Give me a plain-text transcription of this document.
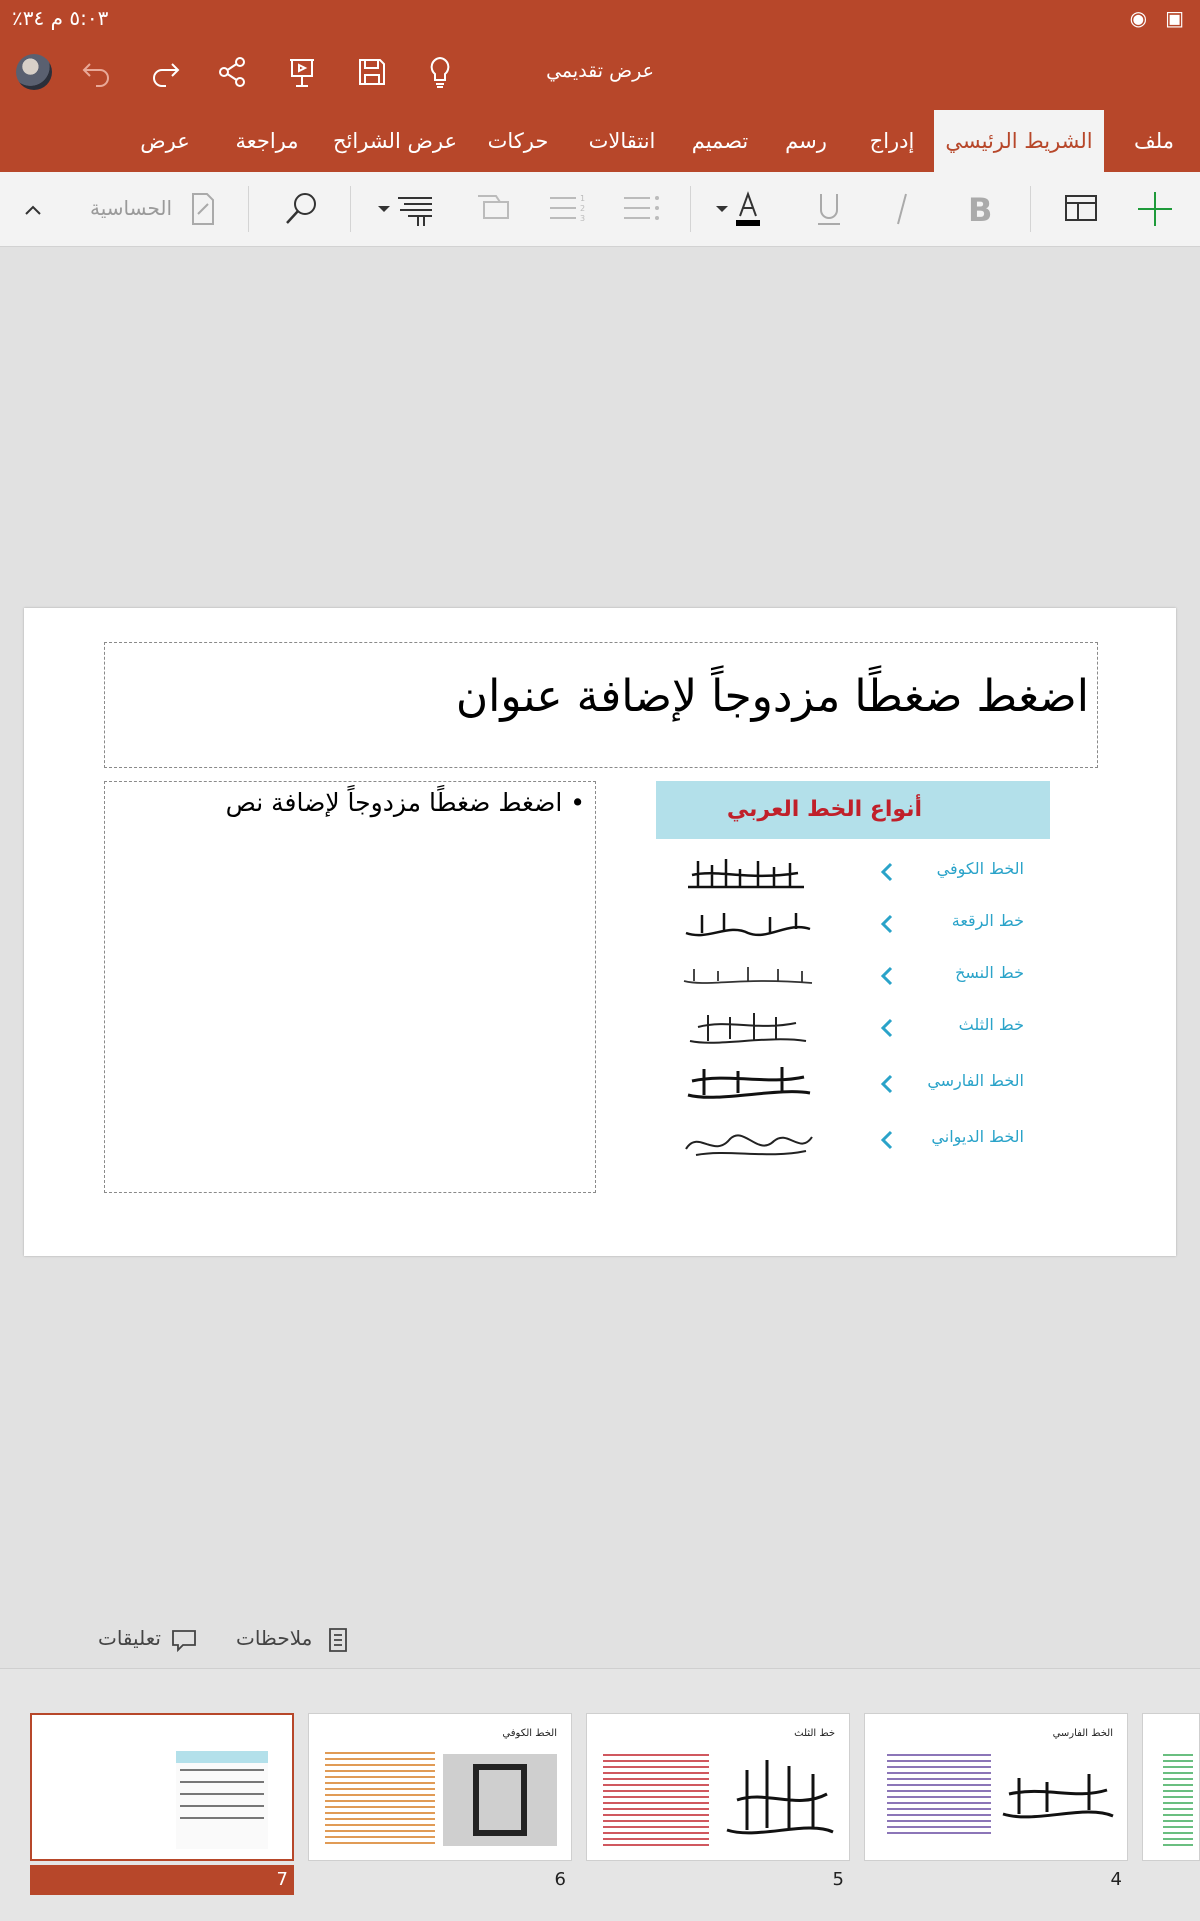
٥:٠٣ م ٣٤٪	◉ ▣
عرض تقديمي
ملف
الشريط الرئيسي
إدراج
رسم
تصميم
انتقالات
حركات
عرض الشرائح
مراجعة
عرض
الحساسية	1
2
3	B
اضغط ضغطًا مزدوجاً لإضافة عنوان
• اضغط ضغطًا مزدوجاً لإضافة نص	أنواع الخط العربي
الخط الكوفي
خط الرقعة
خط النسخ
خط الثلث
الخط الفارسي
الخط الديواني
تعليقات	ملاحظات
7
الخط الكوفي
6
خط الثلث
5
الخط الفارسي
4
